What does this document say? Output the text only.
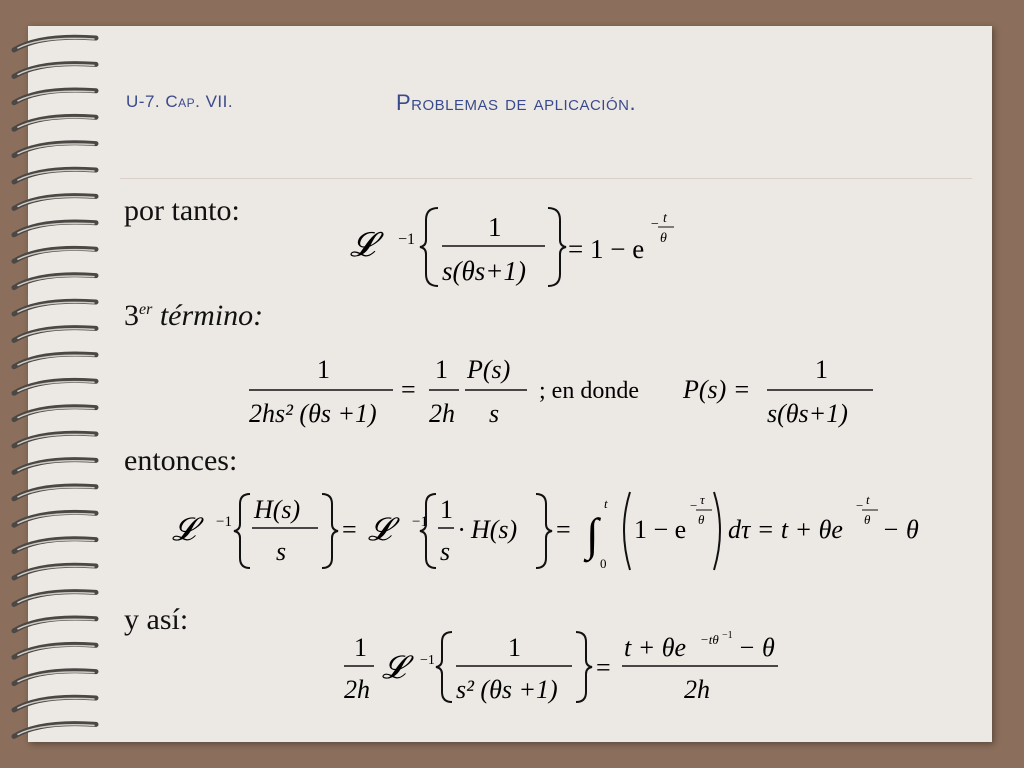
U-7. Cap. VII.	Problemas de aplicación.
por tanto:
3er término:
entonces:
y así:
𝓛	−1	1
s(θs+1)
= 1 − e
− t
θ
1
2hs² (θs +1)
=
1
2h
P(s)
s
; en donde P(s) =
1
s(θs+1)
𝓛	−1 H(s)
s
= 𝓛	−1 1
s
· H(s) = ∫
t
0
1 − e
− τ
θ dτ = t + θe
− t
θ − θ
1
2h
𝓛	−1	1
s² (θs +1)
=
t + θe −tθ −1 − θ
2h
